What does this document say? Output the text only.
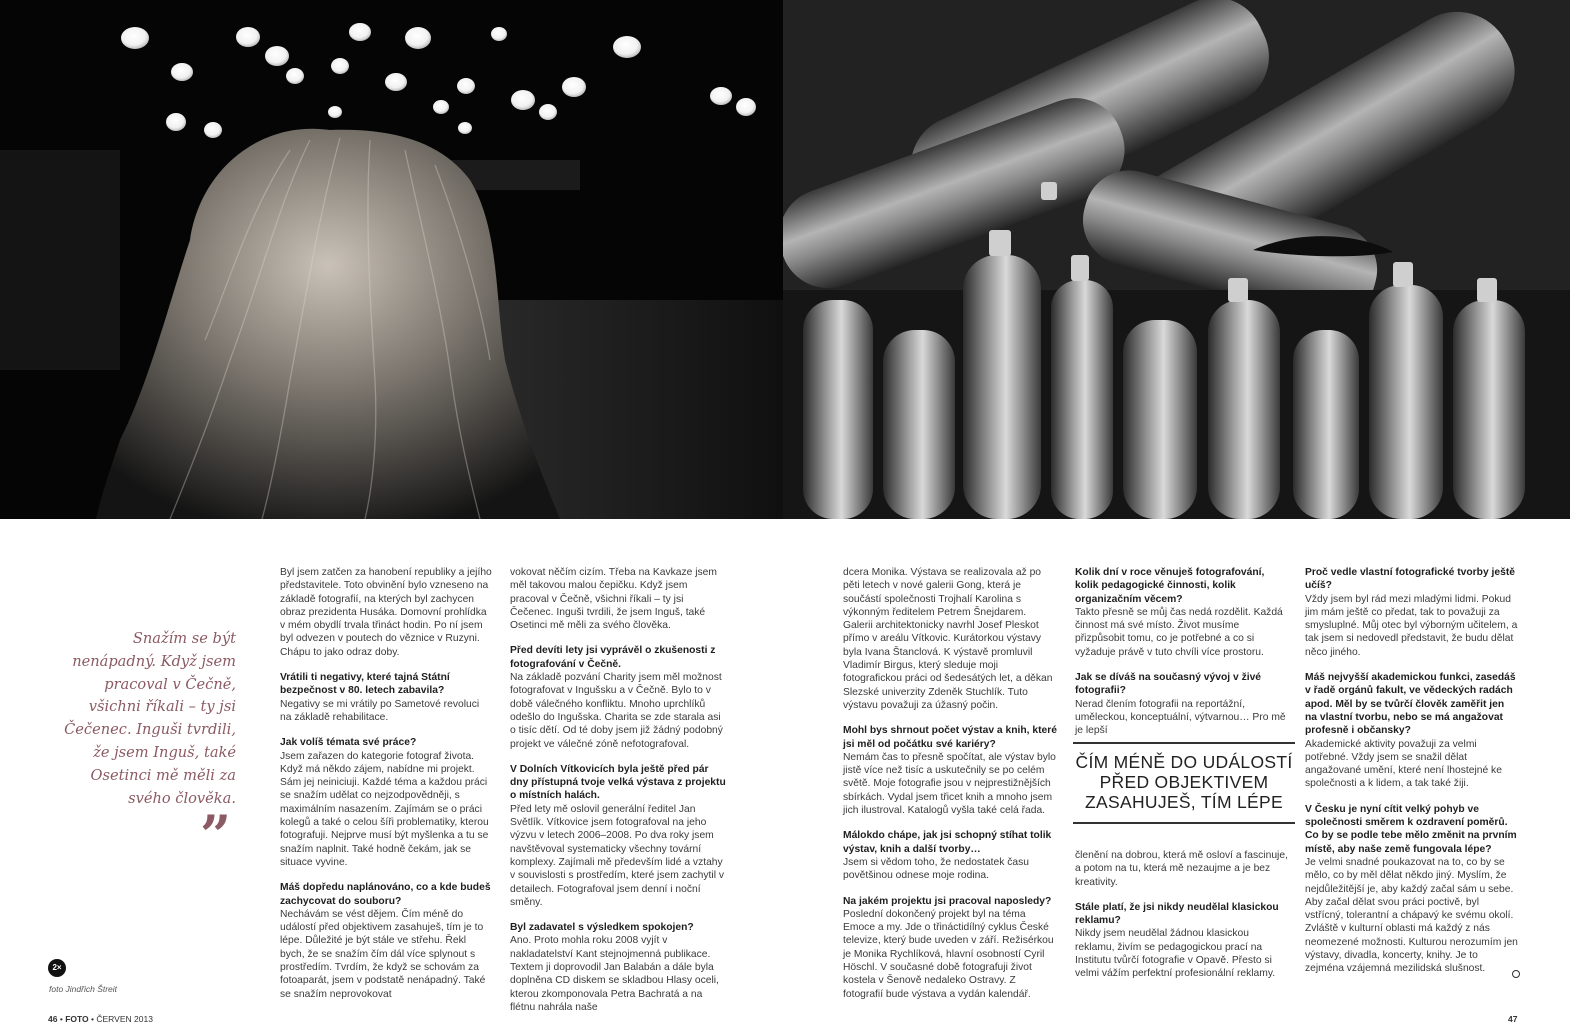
Snažím se být nenápadný. Když jsem pracoval v Čečně, všichni říkali – ty jsi Čečenec. Inguši tvrdili, že jsem Inguš, také Osetinci mě měli za svého člověka.
”
2×
foto Jindřich Štreit

Byl jsem zatčen za hanobení republiky a jejího představitele. Toto obvinění bylo vzneseno na základě fotografií, na kterých byl zachycen obraz prezidenta Husáka. Domovní prohlídka v mém obydlí trvala třináct hodin. Po ní jsem byl odvezen v poutech do věznice v Ruzyni. Chápu to jako odraz doby.

Vrátili ti negativy, které tajná Státní bezpečnost v 80. letech zabavila?
Negativy se mi vrátily po Sametové revoluci na základě rehabilitace.

Jak volíš témata své práce?
Jsem zařazen do kategorie fotograf života. Když má někdo zájem, nabídne mi projekt. Sám jej neiniciuji. Každé téma a každou práci se snažím udělat co nejzodpovědněji, s maximálním nasazením. Zajímám se o práci kolegů a také o celou šíři problematiky, kterou fotografuji. Nejprve musí být myšlenka a tu se snažím naplnit. Také hodně čekám, jak se situace vyvine.

Máš dopředu naplánováno, co a kde budeš zachycovat do souboru?
Nechávám se vést dějem. Čím méně do událostí před objektivem zasahuješ, tím je to lépe. Důležité je být stále ve střehu. Řekl bych, že se snažím čím dál více splynout s prostředím. Tvrdím, že když se schovám za fotoaparát, jsem v podstatě nenápadný. Také se snažím neprovokovat

vokovat něčím cizím. Třeba na Kavkaze jsem měl takovou malou čepičku. Když jsem pracoval v Čečně, všichni říkali – ty jsi Čečenec. Inguši tvrdili, že jsem Inguš, také Osetinci mě měli za svého člověka.

Před devíti lety jsi vyprávěl o zkušenosti z fotografování v Čečně.
Na základě pozvání Charity jsem měl možnost fotografovat v Ingušsku a v Čečně. Bylo to v době válečného konfliktu. Mnoho uprchlíků odešlo do Ingušska. Charita se zde starala asi o tisíc dětí. Od té doby jsem již žádný podobný projekt ve válečné zóně nefotografoval.

V Dolních Vítkovicích byla ještě před pár dny přístupná tvoje velká výstava z projektu o místních halách.
Před lety mě oslovil generální ředitel Jan Světlík. Vítkovice jsem fotografoval na jeho výzvu v letech 2006–2008. Po dva roky jsem navštěvoval systematicky všechny tovární komplexy. Zajímali mě především lidé a vztahy v souvislosti s prostředím, které jsem zachytil v detailech. Fotografoval jsem denní i noční směny.

Byl zadavatel s výsledkem spokojen?
Ano. Proto mohla roku 2008 vyjít v nakladatelství Kant stejnojmenná publikace. Textem ji doprovodil Jan Balabán a dále byla doplněna CD diskem se skladbou Hlasy oceli, kterou zkomponovala Petra Bachratá a na flétnu nahrála naše

dcera Monika. Výstava se realizovala až po pěti letech v nové galerii Gong, která je součástí společnosti Trojhalí Karolina s výkonným ředitelem Petrem Šnejdarem. Galerii architektonicky navrhl Josef Pleskot přímo v areálu Vítkovic. Kurátorkou výstavy byla Ivana Štanclová. K výstavě promluvil Vladimír Birgus, který sleduje moji fotografickou práci od šedesátých let, a děkan Slezské univerzity Zdeněk Stuchlík. Tuto výstavu považuji za úžasný počin.

Mohl bys shrnout počet výstav a knih, které jsi měl od počátku své kariéry?
Nemám čas to přesně spočítat, ale výstav bylo jistě více než tisíc a uskutečnily se po celém světě. Moje fotografie jsou v nejprestižnějších sbírkách. Vydal jsem třicet knih a mnoho jsem jich ilustroval. Katalogů vyšla také celá řada.

Málokdo chápe, jak jsi schopný stíhat tolik výstav, knih a další tvorby…
Jsem si vědom toho, že nedostatek času povětšinou odnese moje rodina.

Na jakém projektu jsi pracoval naposledy?
Poslední dokončený projekt byl na téma Emoce a my. Jde o třináctidílný cyklus České televize, který bude uveden v září. Režisérkou je Monika Rychlíková, hlavní osobností Cyril Höschl. V současné době fotografuji život kostela v Šenově nedaleko Ostravy. Z fotografií bude výstava a vydán kalendář.

Kolik dní v roce věnuješ fotografování, kolik pedagogické činnosti, kolik organizačním věcem?
Takto přesně se můj čas nedá rozdělit. Každá činnost má své místo. Život musíme přizpůsobit tomu, co je potřebné a co si vyžaduje právě v tuto chvíli více prostoru.

Jak se díváš na současný vývoj v živé fotografii?
Nerad člením fotografii na reportážní, uměleckou, konceptuální, výtvarnou… Pro mě je lepší

ČÍM MÉNĚ DO UDÁLOSTÍ PŘED OBJEKTIVEM ZASAHUJEŠ, TÍM LÉPE

členění na dobrou, která mě osloví a fascinuje, a potom na tu, která mě nezaujme a je bez kreativity.

Stále platí, že jsi nikdy neudělal klasickou reklamu?
Nikdy jsem neudělal žádnou klasickou reklamu, živím se pedagogickou prací na Institutu tvůrčí fotografie v Opavě. Přesto si velmi vážím perfektní profesionální reklamy.

Proč vedle vlastní fotografické tvorby ještě učíš?
Vždy jsem byl rád mezi mladými lidmi. Pokud jim mám ještě co předat, tak to považuji za smysluplné. Můj otec byl výborným učitelem, a tak jsem si nedovedl představit, že budu dělat něco jiného.

Máš nejvyšší akademickou funkci, zasedáš v řadě orgánů fakult, ve vědeckých radách apod. Měl by se tvůrčí člověk zaměřit jen na vlastní tvorbu, nebo se má angažovat profesně i občansky?
Akademické aktivity považuji za velmi potřebné. Vždy jsem se snažil dělat angažované umění, které není lhostejné ke společnosti a k lidem, a tak také žiji.

V Česku je nyní cítit velký pohyb ve společnosti směrem k ozdravení poměrů. Co by se podle tebe mělo změnit na prvním místě, aby naše země fungovala lépe?
Je velmi snadné poukazovat na to, co by se mělo, co by měl dělat někdo jiný. Myslím, že nejdůležitější je, aby každý začal sám u sebe. Aby začal dělat svou práci poctivě, byl vstřícný, tolerantní a chápavý ke svému okolí. Zvláště v kulturní oblasti má každý z nás neomezené možnosti. Kulturou nerozumím jen výstavy, divadla, koncerty, knihy. Je to zejména vzájemná mezilidská slušnost.

46 • FOTO • ČERVEN 2013	47
